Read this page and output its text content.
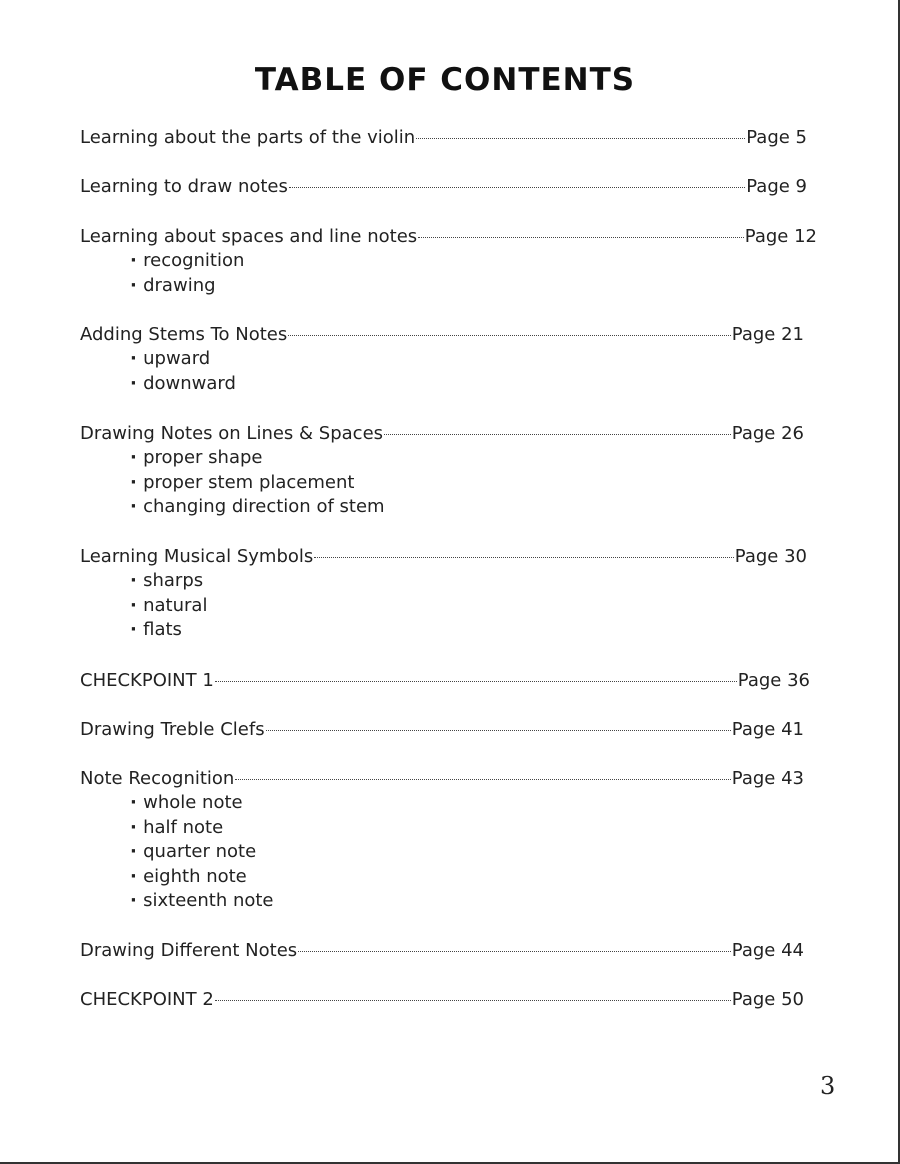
TABLE OF CONTENTS
Learning about the parts of the violin	Page 5
Learning to draw notes	Page 9
Learning about spaces and line notes	Page 12
· recognition
· drawing
Adding Stems To Notes	Page 21
· upward
· downward
Drawing Notes on Lines & Spaces	Page 26
· proper shape
· proper stem placement
· changing direction of stem
Learning Musical Symbols	Page 30
· sharps
· natural
· flats
CHECKPOINT 1	Page 36
Drawing Treble Clefs	Page 41
Note Recognition	Page 43
· whole note
· half note
· quarter note
· eighth note
· sixteenth note
Drawing Different Notes	Page 44
CHECKPOINT 2	Page 50
3
